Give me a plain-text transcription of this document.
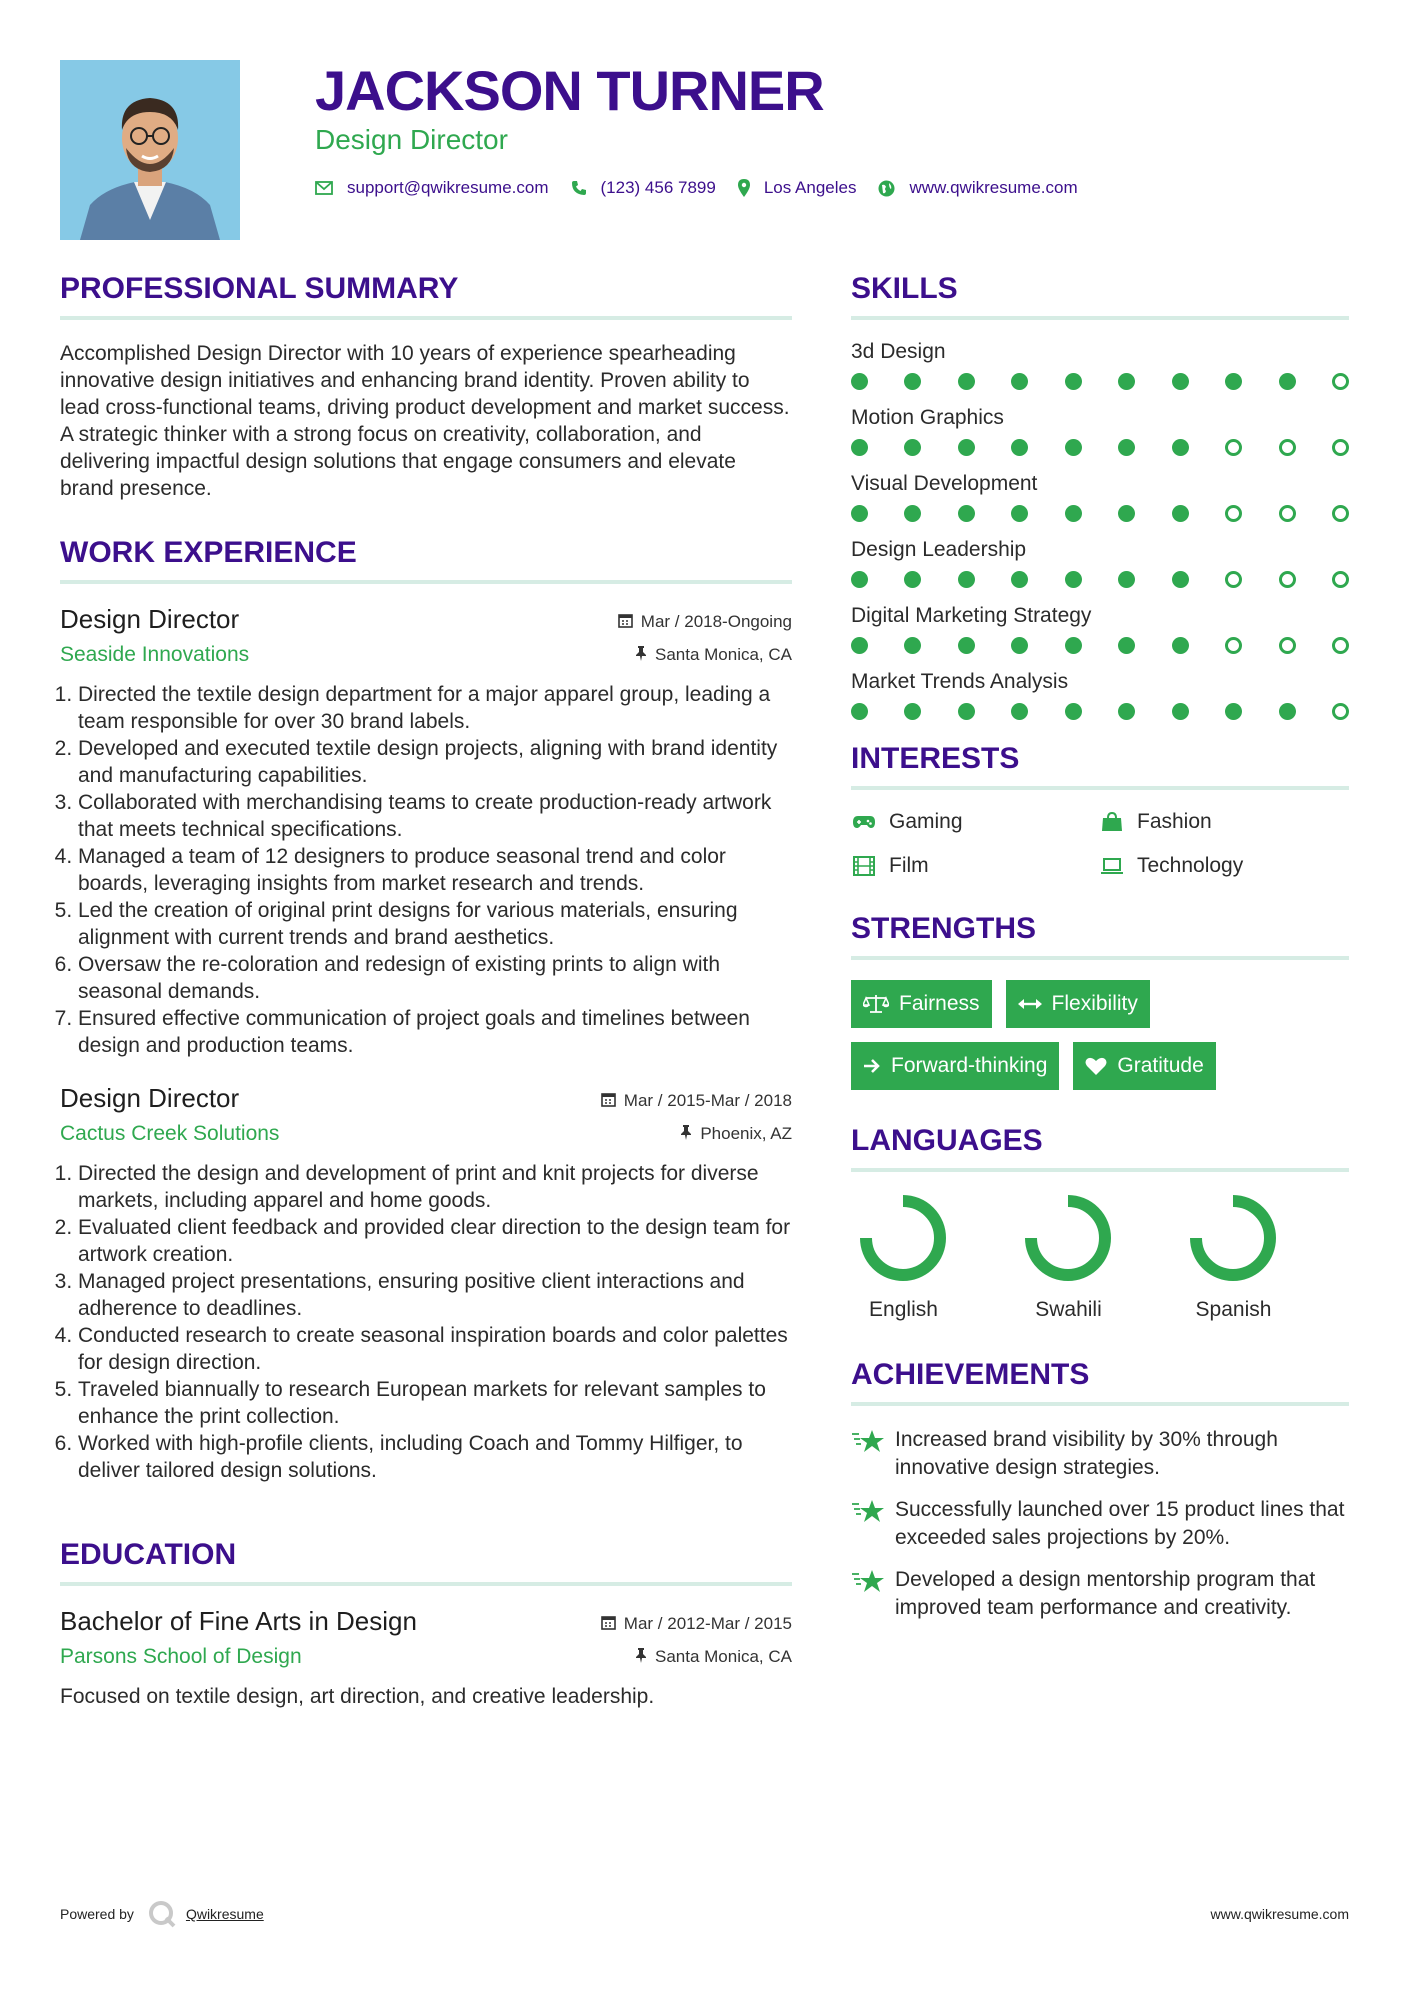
JACKSON TURNER
Design Director
support@qwikresume.com	(123) 456 7899	Los Angeles	www.qwikresume.com
PROFESSIONAL SUMMARY
Accomplished Design Director with 10 years of experience spearheading innovative design initiatives and enhancing brand identity. Proven ability to lead cross-functional teams, driving product development and market success. A strategic thinker with a strong focus on creativity, collaboration, and delivering impactful design solutions that engage consumers and elevate brand presence.
WORK EXPERIENCE
Design Director	Mar / 2018-Ongoing
Seaside Innovations	Santa Monica, CA
1. Directed the textile design department for a major apparel group, leading a team responsible for over 30 brand labels.
2. Developed and executed textile design projects, aligning with brand identity and manufacturing capabilities.
3. Collaborated with merchandising teams to create production-ready artwork that meets technical specifications.
4. Managed a team of 12 designers to produce seasonal trend and color boards, leveraging insights from market research and trends.
5. Led the creation of original print designs for various materials, ensuring alignment with current trends and brand aesthetics.
6. Oversaw the re-coloration and redesign of existing prints to align with seasonal demands.
7. Ensured effective communication of project goals and timelines between design and production teams.
Design Director	Mar / 2015-Mar / 2018
Cactus Creek Solutions	Phoenix, AZ
1. Directed the design and development of print and knit projects for diverse markets, including apparel and home goods.
2. Evaluated client feedback and provided clear direction to the design team for artwork creation.
3. Managed project presentations, ensuring positive client interactions and adherence to deadlines.
4. Conducted research to create seasonal inspiration boards and color palettes for design direction.
5. Traveled biannually to research European markets for relevant samples to enhance the print collection.
6. Worked with high-profile clients, including Coach and Tommy Hilfiger, to deliver tailored design solutions.
EDUCATION
Bachelor of Fine Arts in Design	Mar / 2012-Mar / 2015
Parsons School of Design	Santa Monica, CA
Focused on textile design, art direction, and creative leadership.
SKILLS
3d Design
Motion Graphics
Visual Development
Design Leadership
Digital Marketing Strategy
Market Trends Analysis
INTERESTS
Gaming	Fashion
Film	Technology
STRENGTHS
Fairness	Flexibility
Forward-thinking	Gratitude
LANGUAGES
English	Swahili	Spanish
ACHIEVEMENTS
Increased brand visibility by 30% through innovative design strategies.
Successfully launched over 15 product lines that exceeded sales projections by 20%.
Developed a design mentorship program that improved team performance and creativity.
Powered by	Qwikresume	www.qwikresume.com
